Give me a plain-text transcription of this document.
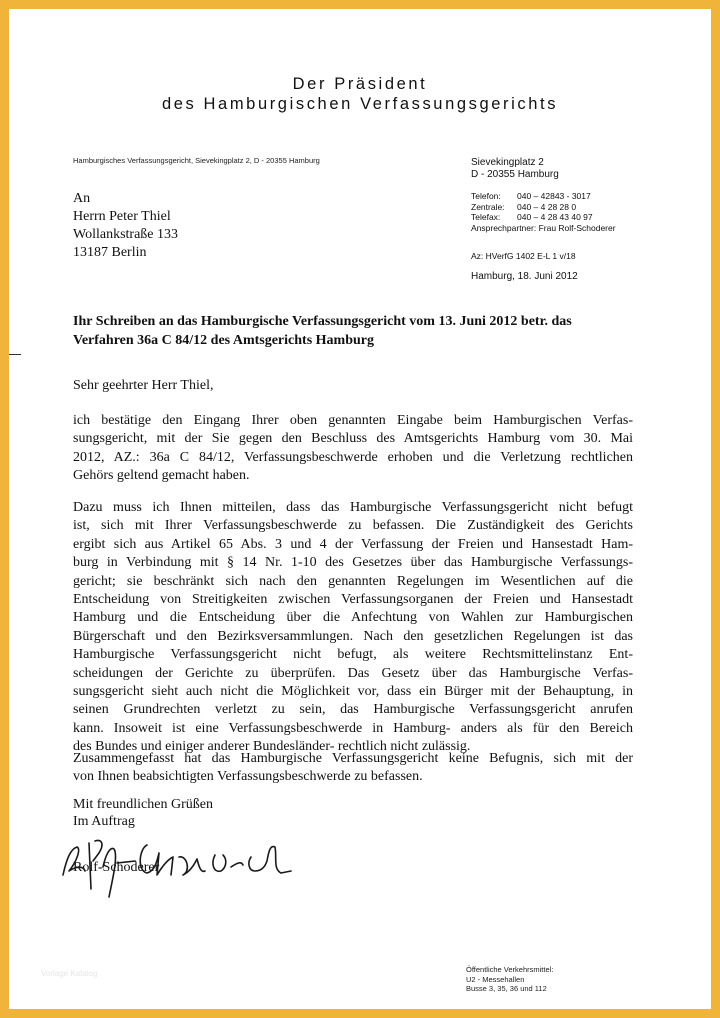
Der Präsident
des Hamburgischen Verfassungsgerichts
Hamburgisches Verfassungsgericht, Sievekingplatz 2, D - 20355 Hamburg
An
Herrn Peter Thiel
Wollankstraße 133
13187 Berlin
Sievekingplatz 2
D - 20355 Hamburg
Telefon:	040 – 42843 - 3017
Zentrale:	040 – 4 28 28 0
Telefax:	040 – 4 28 43 40 97
Ansprechpartner: Frau Rolf-Schoderer
Az: HVerfG 1402 E-L 1 v/18
Hamburg, 18. Juni 2012
Ihr Schreiben an das Hamburgische Verfassungsgericht vom 13. Juni 2012 betr. das
Verfahren 36a C 84/12 des Amtsgerichts Hamburg
Sehr geehrter Herr Thiel,
ich bestätige den Eingang Ihrer oben genannten Eingabe beim Hamburgischen Verfas-
sungsgericht, mit der Sie gegen den Beschluss des Amtsgerichts Hamburg vom 30. Mai
2012, AZ.: 36a C 84/12, Verfassungsbeschwerde erhoben und die Verletzung rechtlichen
Gehörs geltend gemacht haben.
Dazu muss ich Ihnen mitteilen, dass das Hamburgische Verfassungsgericht nicht befugt
ist, sich mit Ihrer Verfassungsbeschwerde zu befassen. Die Zuständigkeit des Gerichts
ergibt sich aus Artikel 65 Abs. 3 und 4 der Verfassung der Freien und Hansestadt Ham-
burg in Verbindung mit § 14 Nr. 1-10 des Gesetzes über das Hamburgische Verfassungs-
gericht; sie beschränkt sich nach den genannten Regelungen im Wesentlichen auf die
Entscheidung von Streitigkeiten zwischen Verfassungsorganen der Freien und Hansestadt
Hamburg und die Entscheidung über die Anfechtung von Wahlen zur Hamburgischen
Bürgerschaft und den Bezirksversammlungen. Nach den gesetzlichen Regelungen ist das
Hamburgische Verfassungsgericht nicht befugt, als weitere Rechtsmittelinstanz Ent-
scheidungen der Gerichte zu überprüfen. Das Gesetz über das Hamburgische Verfas-
sungsgericht sieht auch nicht die Möglichkeit vor, dass ein Bürger mit der Behauptung, in
seinen Grundrechten verletzt zu sein, das Hamburgische Verfassungsgericht anrufen
kann. Insoweit ist eine Verfassungsbeschwerde in Hamburg- anders als für den Bereich
des Bundes und einiger anderer Bundesländer- rechtlich nicht zulässig.
Zusammengefasst hat das Hamburgische Verfassungsgericht keine Befugnis, sich mit der
von Ihnen beabsichtigten Verfassungsbeschwerde zu befassen.
Mit freundlichen Grüßen
Im Auftrag
Rolf-Schoderer
Öffentliche Verkehrsmittel:
U2 - Messehallen
Busse 3, 35, 36 und 112
Vorlage Katalog
